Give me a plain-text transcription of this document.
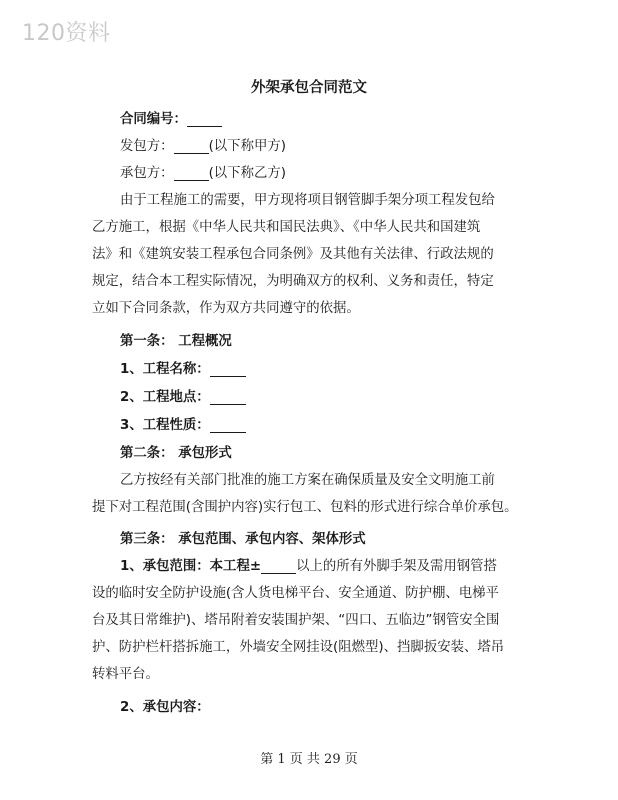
120资料
外架承包合同范文
合同编号：
发包方：	(以下称甲方)
承包方：	(以下称乙方)
由于工程施工的需要，甲方现将项目钢管脚手架分项工程发包给
乙方施工，根据《中华人民共和国民法典》、《中华人民共和国建筑
法》和《建筑安装工程承包合同条例》及其他有关法律、行政法规的
规定，结合本工程实际情况，为明确双方的权利、义务和责任，特定
立如下合同条款，作为双方共同遵守的依据。
第一条： 工程概况
1、工程名称：
2、工程地点：
3、工程性质：
第二条： 承包形式
乙方按经有关部门批准的施工方案在确保质量及安全文明施工前
提下对工程范围(含围护内容)实行包工、包料的形式进行综合单价承包。
第三条： 承包范围、承包内容、架体形式
1、承包范围：本工程±	以上的所有外脚手架及需用钢管搭
设的临时安全防护设施(含人货电梯平台、安全通道、防护棚、电梯平
台及其日常维护)、塔吊附着安装围护架、“四口、五临边”钢管安全围
护、防护栏杆搭拆施工，外墙安全网挂设(阻燃型)、挡脚扳安装、塔吊
转料平台。
2、承包内容：
第 1 页 共 29 页
